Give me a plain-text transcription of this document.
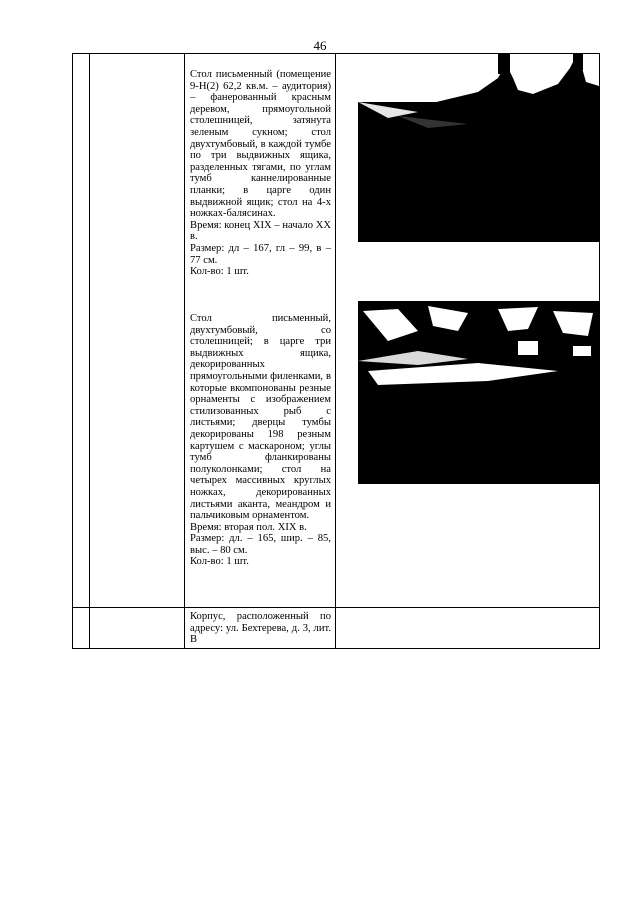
46

Стол письменный (помещение 9-Н(2) 62,2 кв.м. – аудитория) – фанерованный красным деревом, прямоугольной столешницей, затянута зеленым сукном; стол двухтумбовый, в каждой тумбе по три выдвижных ящика, разделенных тягами, по углам тумб каннелированные планки; в царге один выдвижной ящик; стол на 4-х ножках-балясинах.

Время: конец XIX – начало XX в.

Размер: дл – 167, гл – 99, в – 77 см.

Кол-во: 1 шт.

Стол письменный, двухтумбовый, со столешницей; в царге три выдвижных ящика, декорированных прямоугольными филенками, в которые вкомпонованы резные орнаменты с изображением стилизованных рыб с листьями; дверцы тумбы декорированы 198 резным картушем с маскароном; углы тумб фланкированы полуколонками; стол на четырех массивных круглых ножках, декорированных листьями аканта, меандром и пальчиковым орнаментом.

Время: вторая пол. XIX в.

Размер: дл. – 165, шир. – 85, выс. – 80 см.

Кол-во: 1 шт.

Корпус, расположенный по адресу: ул. Бехтерева, д. 3, лит. В
